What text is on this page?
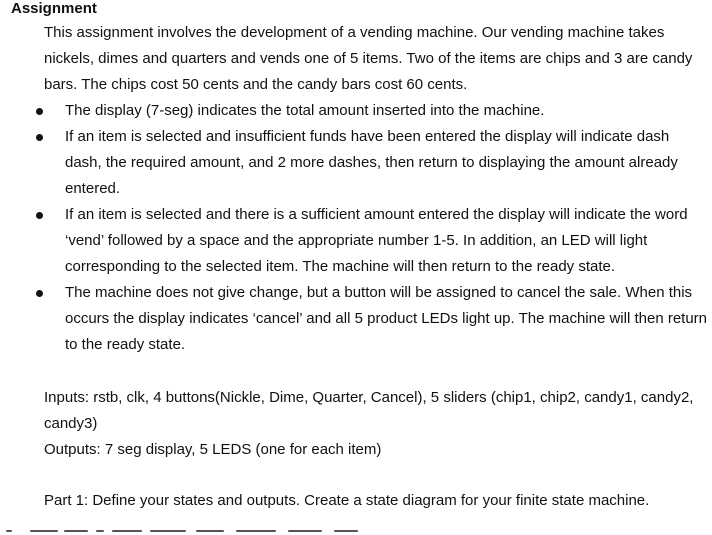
Assignment
This assignment involves the development of a vending machine. Our vending machine takes
nickels, dimes and quarters and vends one of 5 items. Two of the items are chips and 3 are candy
bars. The chips cost 50 cents and the candy bars cost 60 cents.
The display (7-seg) indicates the total amount inserted into the machine.
If an item is selected and insufficient funds have been entered the display will indicate dash
dash, the required amount, and 2 more dashes, then return to displaying the amount already
entered.
If an item is selected and there is a sufficient amount entered the display will indicate the word
‘vend’ followed by a space and the appropriate number 1-5. In addition, an LED will light
corresponding to the selected item. The machine will then return to the ready state.
The machine does not give change, but a button will be assigned to cancel the sale. When this
occurs the display indicates ‘cancel’ and all 5 product LEDs light up. The machine will then return
to the ready state.
Inputs: rstb, clk, 4 buttons(Nickle, Dime, Quarter, Cancel), 5 sliders (chip1, chip2, candy1, candy2,
candy3)
Outputs: 7 seg display, 5 LEDS (one for each item)
Part 1: Define your states and outputs. Create a state diagram for your finite state machine.
